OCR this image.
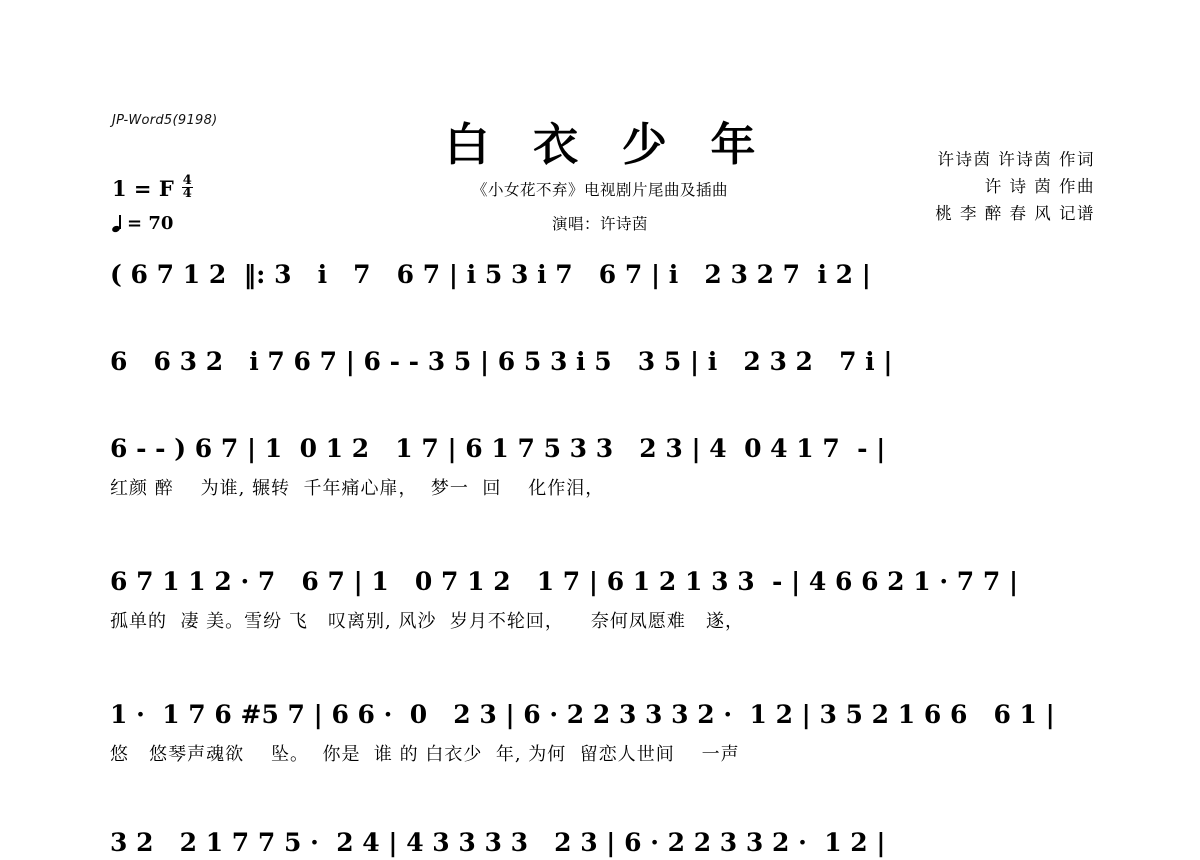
JP-Word5(9198)	白 衣 少 年
《小女花不弃》电视剧片尾曲及插曲
演唱：许诗茵
许诗茵 许诗茵 作词
许 诗 茵 作曲
桃 李 醉 春 风 记谱
1 = F $\frac{4}{4}$
= 70
( 6 7 1 2  ‖: 3   i   7   6 7 | i 5 3 i 7   6 7 | i   2 3 2 7  i 2 |
6   6 3 2   i 7 6 7 | 6 - - 3 5 | 6 5 3 i 5   3 5 | i   2 3 2   7 i |
6 - - ) 6 7 | 1  0 1 2   1 7 | 6 1 7 5 3 3   2 3 | 4  0 4 1 7  - |
红颜 醉    为谁, 辗转  千年痛心扉，  梦一  回    化作泪，
6 7 1 1 2 · 7   6 7 | 1   0 7 1 2   1 7 | 6 1 2 1 3 3  - | 4 6 6 2 1 · 7 7 |
孤单的  凄 美。雪纷 飞   叹离别, 风沙  岁月不轮回，    奈何凤愿难   遂，
1 ·  1 7 6 #5 7 | 6 6 ·  0   2 3 | 6 · 2 2 3 3 3 2 ·  1 2 | 3 5 2 1 6 6   6 1 |
悠   悠琴声魂欲    坠。  你是  谁 的 白衣少  年, 为何  留恋人世间    一声
3 2   2 1 7 7 5 ·  2 4 | 4 3 3 3 3   2 3 | 6 · 2 2 3 3 2 ·  1 2 |
